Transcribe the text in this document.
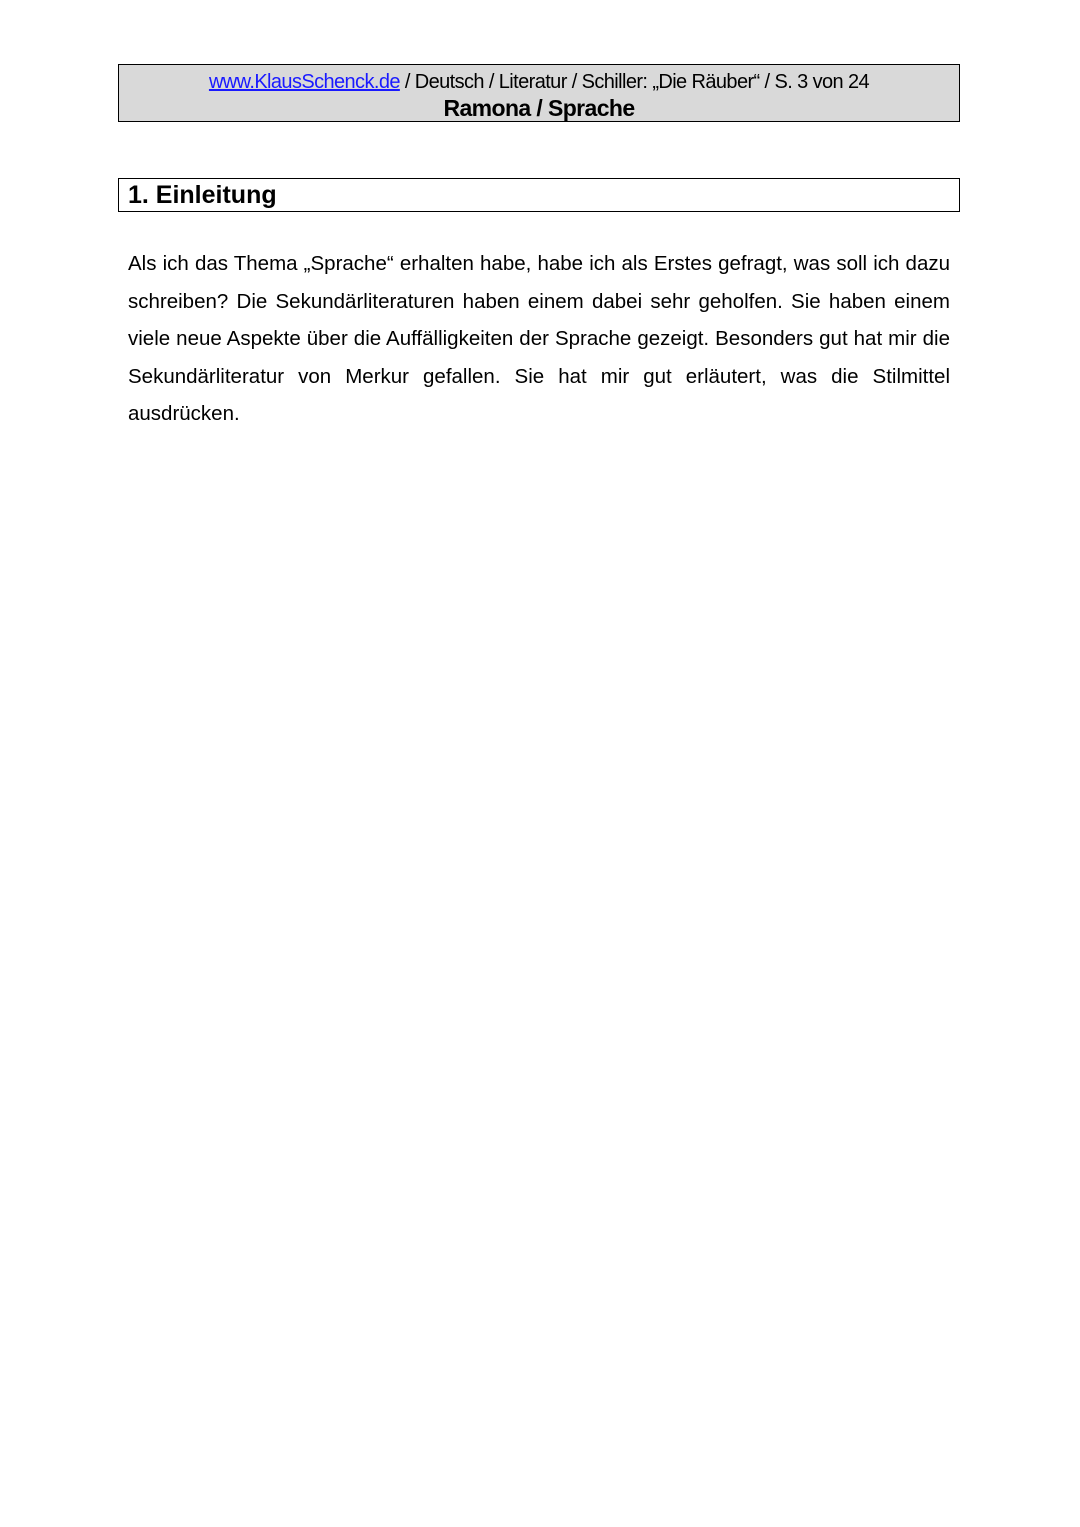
www.KlausSchenck.de / Deutsch / Literatur / Schiller: „Die Räuber“ / S. 3 von 24
Ramona / Sprache
1. Einleitung

Als ich das Thema „Sprache“ erhalten habe, habe ich als Erstes gefragt, was soll ich dazu schreiben? Die Sekundärliteraturen haben einem dabei sehr geholfen. Sie haben einem viele neue Aspekte über die Auffälligkeiten der Sprache gezeigt. Besonders gut hat mir die Sekundärliteratur von Merkur gefallen. Sie hat mir gut erläutert, was die Stilmittel ausdrücken.
